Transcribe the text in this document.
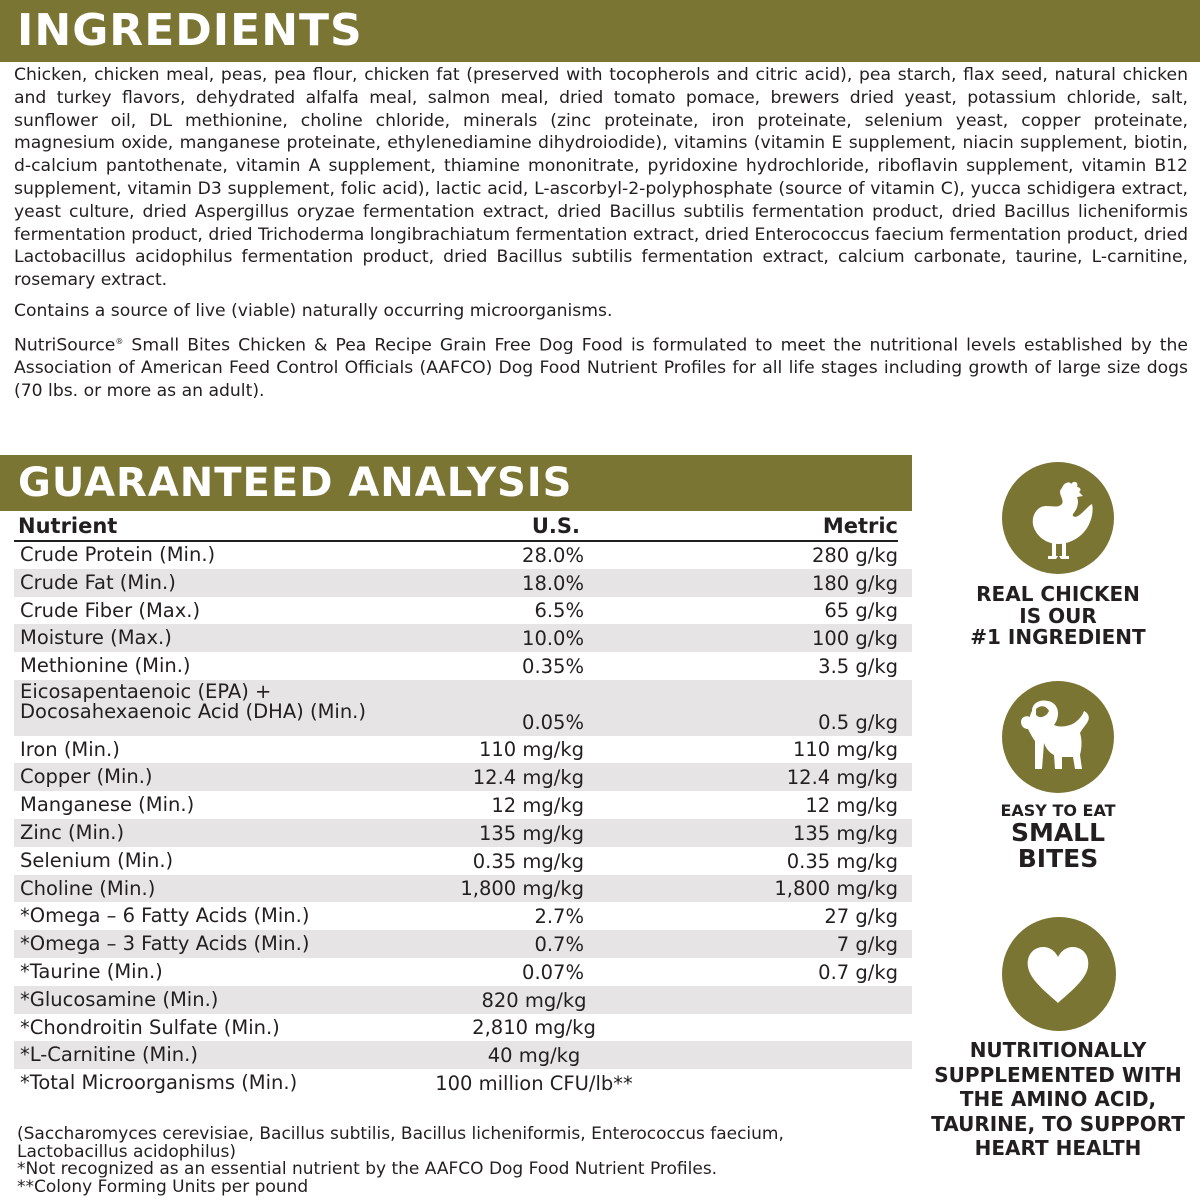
INGREDIENTS

Chicken, chicken meal, peas, pea flour, chicken fat (preserved with tocopherols and citric acid), pea starch, flax seed, natural chicken and turkey flavors, dehydrated alfalfa meal, salmon meal, dried tomato pomace, brewers dried yeast, potassium chloride, salt, sunflower oil, DL methionine, choline chloride, minerals (zinc proteinate, iron proteinate, selenium yeast, copper proteinate, magnesium oxide, manganese proteinate, ethylenediamine dihydroiodide), vitamins (vitamin E supplement, niacin supplement, biotin, d-calcium pantothenate, vitamin A supplement, thiamine mononitrate, pyridoxine hydrochloride, riboflavin supplement, vitamin B12 supplement, vitamin D3 supplement, folic acid), lactic acid, L-ascorbyl-2-polyphosphate (source of vitamin C), yucca schidigera extract, yeast culture, dried Aspergillus oryzae fermentation extract, dried Bacillus subtilis fermentation product, dried Bacillus licheniformis fermentation product, dried Trichoderma longibrachiatum fermentation extract, dried Enterococcus faecium fermentation product, dried Lactobacillus acidophilus fermentation product, dried Bacillus subtilis fermentation extract, calcium carbonate, taurine, L-carnitine, rosemary extract.

Contains a source of live (viable) naturally occurring microorganisms.

NutriSource® Small Bites Chicken & Pea Recipe Grain Free Dog Food is formulated to meet the nutritional levels established by the Association of American Feed Control Officials (AAFCO) Dog Food Nutrient Profiles for all life stages including growth of large size dogs (70 lbs. or more as an adult).

GUARANTEED ANALYSIS
Nutrient	U.S.	Metric
Crude Protein (Min.)	28.0%	280 g/kg
Crude Fat (Min.)	18.0%	180 g/kg
Crude Fiber (Max.)	6.5%	65 g/kg
Moisture (Max.)	10.0%	100 g/kg
Methionine (Min.)	0.35%	3.5 g/kg
Eicosapentaenoic (EPA) +
Docosahexaenoic Acid (DHA) (Min.)	0.05%	0.5 g/kg
Iron (Min.)	110 mg/kg	110 mg/kg
Copper (Min.)	12.4 mg/kg	12.4 mg/kg
Manganese (Min.)	12 mg/kg	12 mg/kg
Zinc (Min.)	135 mg/kg	135 mg/kg
Selenium (Min.)	0.35 mg/kg	0.35 mg/kg
Choline (Min.)	1,800 mg/kg	1,800 mg/kg
*Omega – 6 Fatty Acids (Min.)	2.7%	27 g/kg
*Omega – 3 Fatty Acids (Min.)	0.7%	7 g/kg
*Taurine (Min.)	0.07%	0.7 g/kg
*Glucosamine (Min.)	820 mg/kg
*Chondroitin Sulfate (Min.)	2,810 mg/kg
*L-Carnitine (Min.)	40 mg/kg
*Total Microorganisms (Min.)	100 million CFU/lb**
(Saccharomyces cerevisiae, Bacillus subtilis, Bacillus licheniformis, Enterococcus faecium,
Lactobacillus acidophilus)
*Not recognized as an essential nutrient by the AAFCO Dog Food Nutrient Profiles.
**Colony Forming Units per pound
REAL CHICKEN
IS OUR
#1 INGREDIENT
EASY TO EAT
SMALL
BITES
NUTRITIONALLY
SUPPLEMENTED WITH
THE AMINO ACID,
TAURINE, TO SUPPORT
HEART HEALTH
